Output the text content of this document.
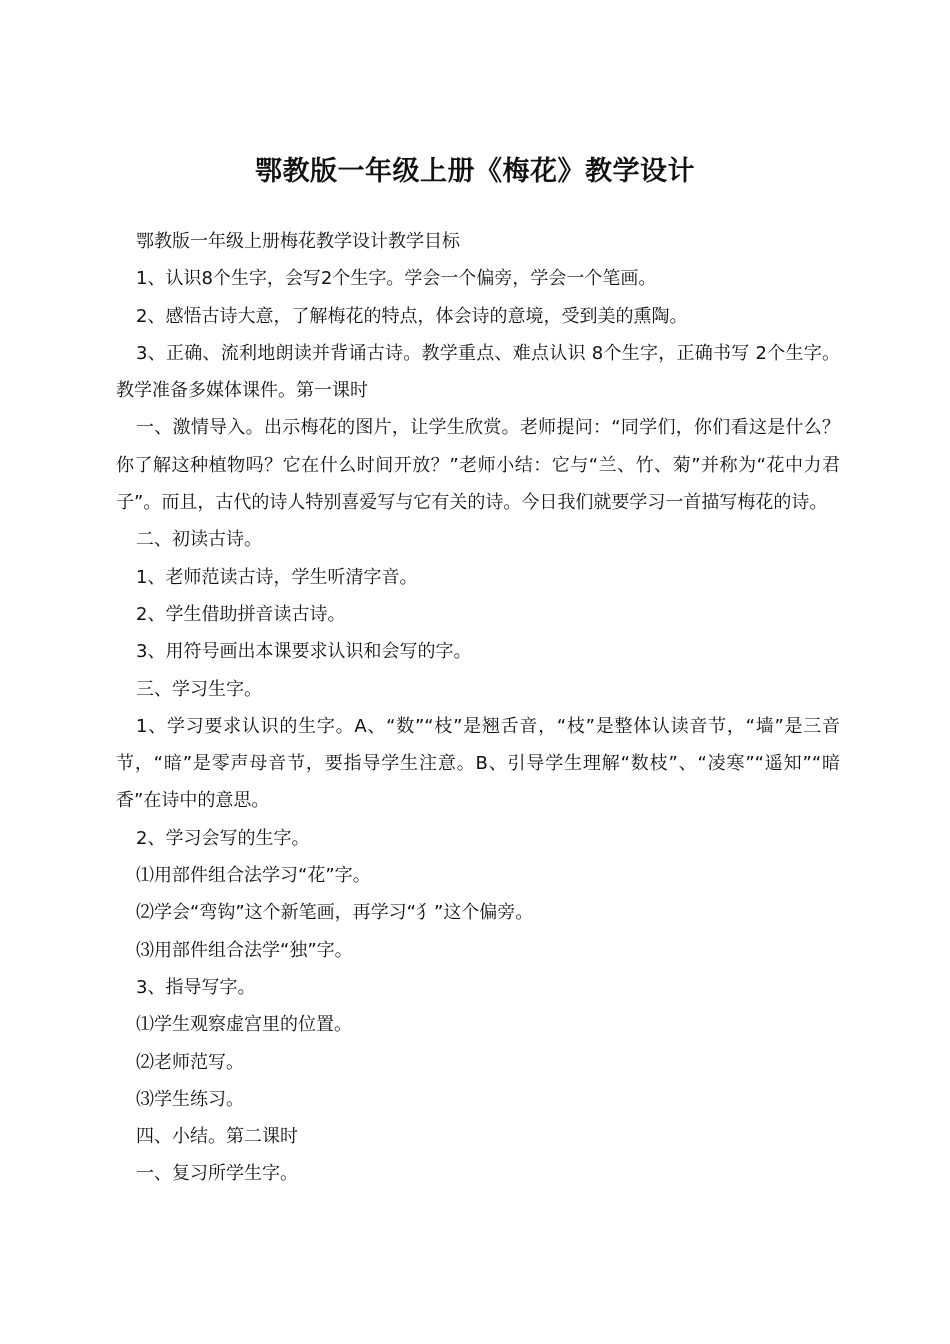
鄂教版一年级上册《梅花》教学设计

鄂教版一年级上册梅花教学设计教学目标

1、认识8个生字，会写2个生字。学会一个偏旁，学会一个笔画。

2、感悟古诗大意，了解梅花的特点，体会诗的意境，受到美的熏陶。

3、正确、流利地朗读并背诵古诗。教学重点、难点认识 8个生字，正确书写 2个生字。教学准备多媒体课件。第一课时

一、激情导入。出示梅花的图片，让学生欣赏。老师提问：“同学们，你们看这是什么？你了解这种植物吗？它在什么时间开放？”老师小结：它与“兰、竹、菊”并称为“花中力君子”。而且，古代的诗人特别喜爱写与它有关的诗。今日我们就要学习一首描写梅花的诗。

二、初读古诗。

1、老师范读古诗，学生听清字音。

2、学生借助拼音读古诗。

3、用符号画出本课要求认识和会写的字。

三、学习生字。

1、学习要求认识的生字。A、“数”“枝”是翘舌音，“枝”是整体认读音节，“墙”是三音节，“暗”是零声母音节，要指导学生注意。B、引导学生理解“数枝”、“凌寒”“遥知”“暗香”在诗中的意思。

2、学习会写的生字。

⑴用部件组合法学习“花”字。

⑵学会“弯钩”这个新笔画，再学习“犭”这个偏旁。

⑶用部件组合法学“独”字。

3、指导写字。

⑴学生观察虚宫里的位置。

⑵老师范写。

⑶学生练习。

四、小结。第二课时

一、复习所学生字。
